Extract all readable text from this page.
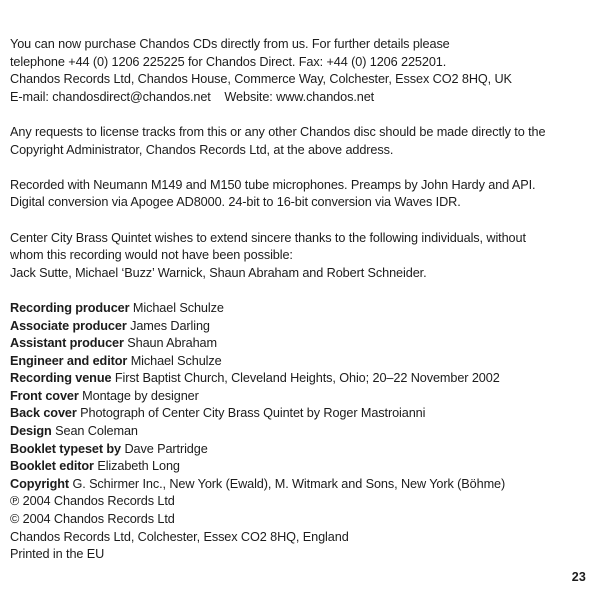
You can now purchase Chandos CDs directly from us. For further details please
telephone +44 (0) 1206 225225 for Chandos Direct. Fax: +44 (0) 1206 225201.
Chandos Records Ltd, Chandos House, Commerce Way, Colchester, Essex CO2 8HQ, UK
E-mail: chandosdirect@chandos.net    Website: www.chandos.net
Any requests to license tracks from this or any other Chandos disc should be made directly to the
Copyright Administrator, Chandos Records Ltd, at the above address.
Recorded with Neumann M149 and M150 tube microphones. Preamps by John Hardy and API.
Digital conversion via Apogee AD8000. 24-bit to 16-bit conversion via Waves IDR.
Center City Brass Quintet wishes to extend sincere thanks to the following individuals, without
whom this recording would not have been possible:
Jack Sutte, Michael ‘Buzz’ Warnick, Shaun Abraham and Robert Schneider.
Recording producer Michael Schulze
Associate producer James Darling
Assistant producer Shaun Abraham
Engineer and editor Michael Schulze
Recording venue First Baptist Church, Cleveland Heights, Ohio; 20–22 November 2002
Front cover Montage by designer
Back cover Photograph of Center City Brass Quintet by Roger Mastroianni
Design Sean Coleman
Booklet typeset by Dave Partridge
Booklet editor Elizabeth Long
Copyright G. Schirmer Inc., New York (Ewald), M. Witmark and Sons, New York (Böhme)
℗ 2004 Chandos Records Ltd
© 2004 Chandos Records Ltd
Chandos Records Ltd, Colchester, Essex CO2 8HQ, England
Printed in the EU
23
